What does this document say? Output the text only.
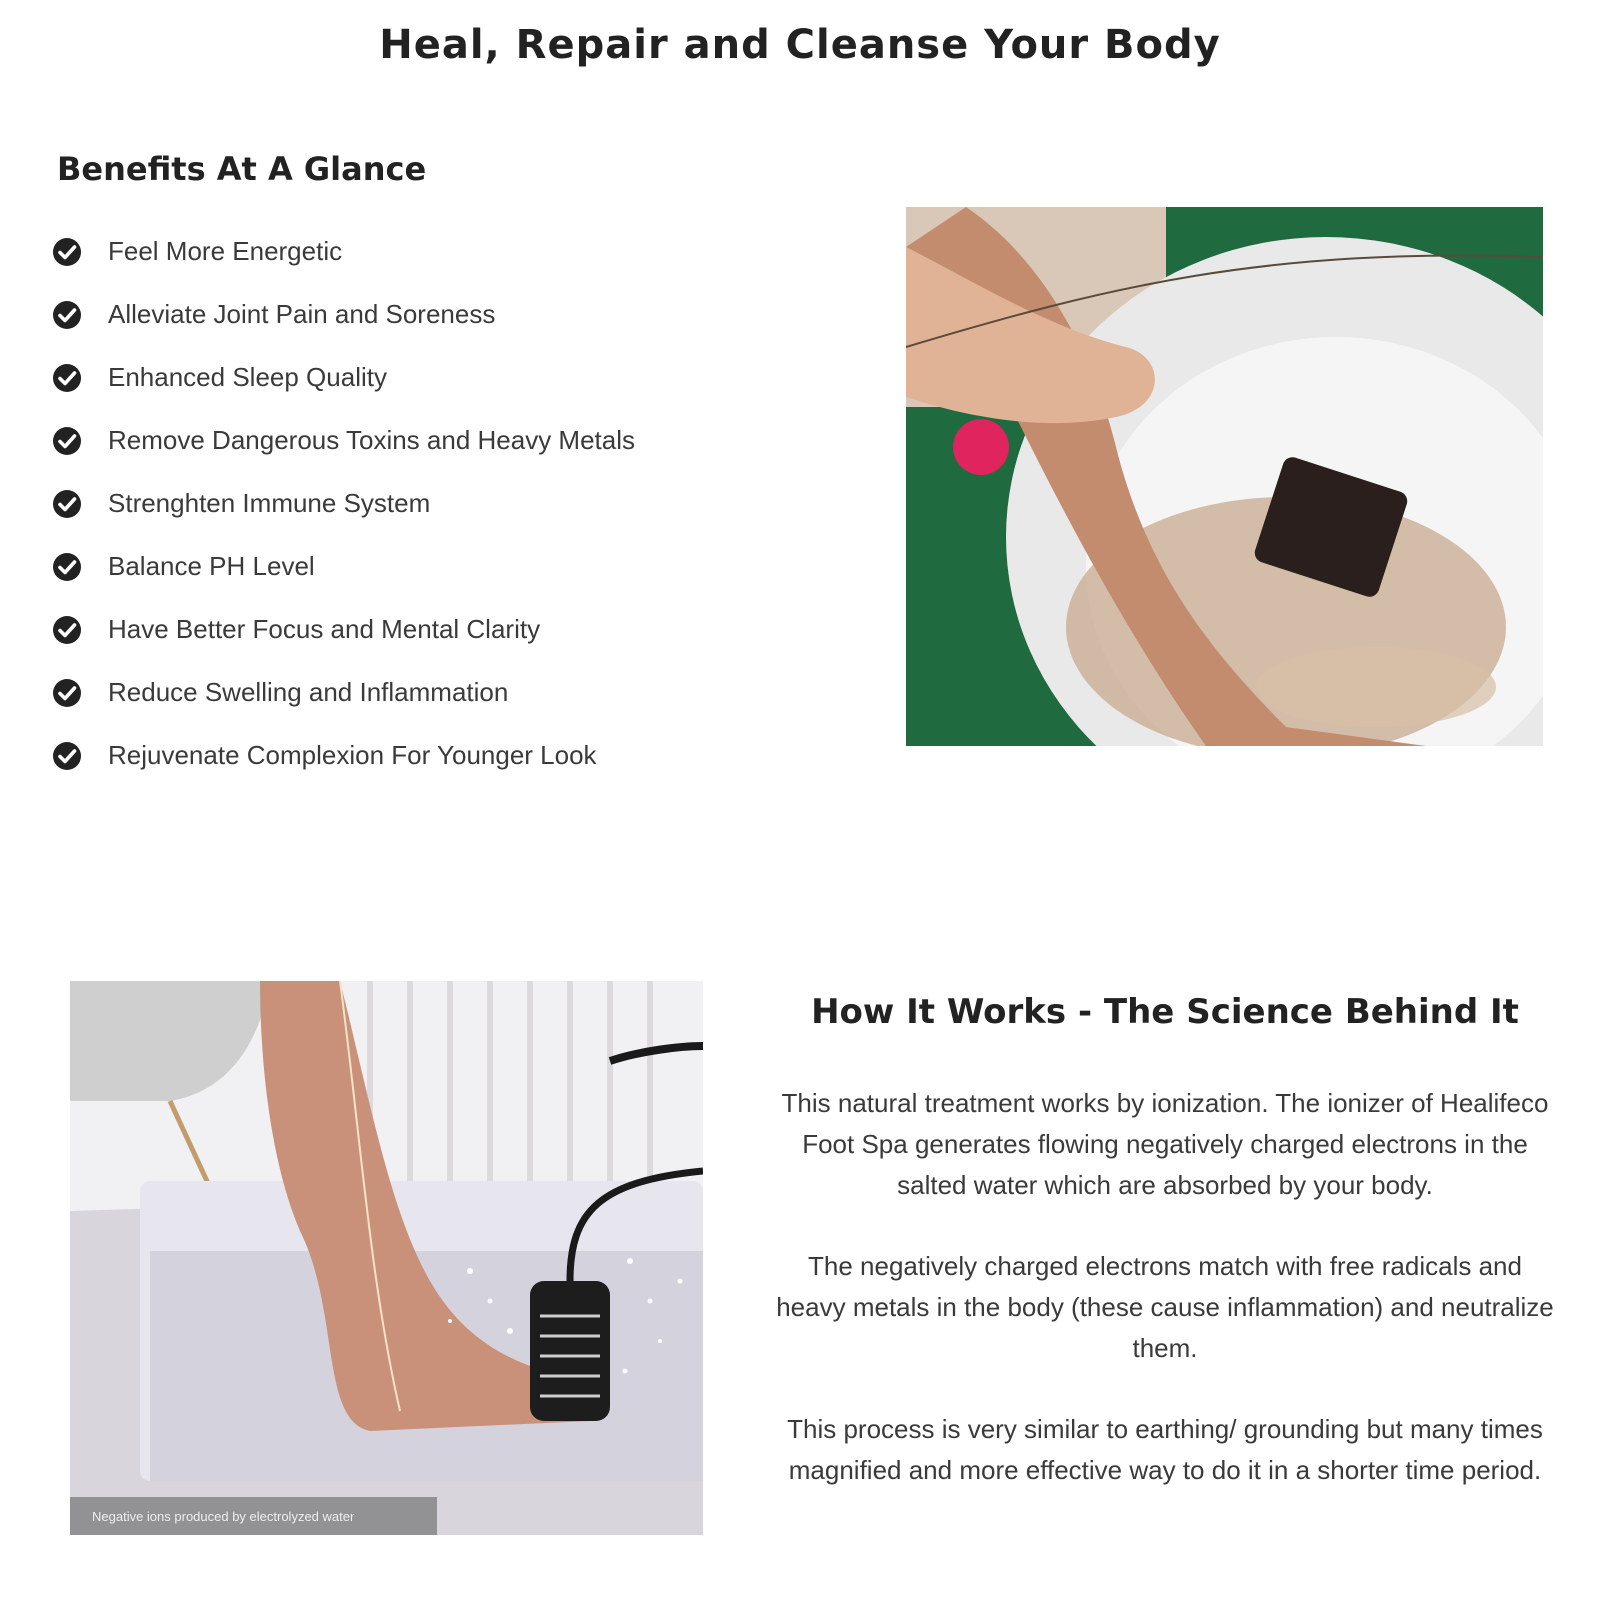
Heal, Repair and Cleanse Your Body
Benefits At A Glance
Feel More Energetic
Alleviate Joint Pain and Soreness
Enhanced Sleep Quality
Remove Dangerous Toxins and Heavy Metals
Strenghten Immune System
Balance PH Level
Have Better Focus and Mental Clarity
Reduce Swelling and Inflammation
Rejuvenate Complexion For Younger Look
Negative ions produced by electrolyzed water
How It Works - The Science Behind It

This natural treatment works by ionization. The ionizer of Healifeco Foot Spa generates flowing negatively charged electrons in the salted water which are absorbed by your body.

The negatively charged electrons match with free radicals and heavy metals in the body (these cause inflammation) and neutralize them.

This process is very similar to earthing/ grounding but many times magnified and more effective way to do it in a shorter time period.
